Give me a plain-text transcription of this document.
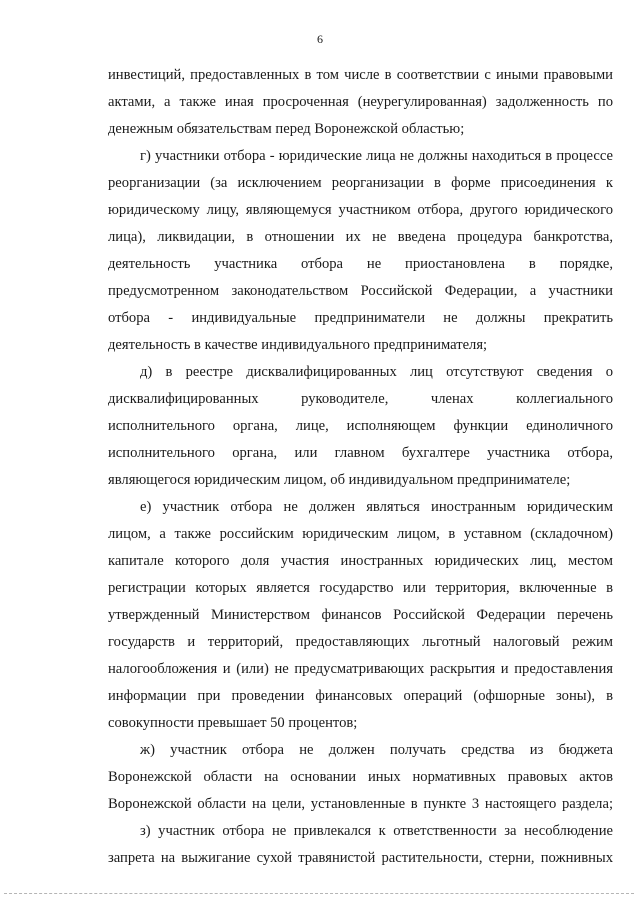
6
инвестиций, предоставленных в том числе в соответствии с иными правовыми
актами, а также иная просроченная (неурегулированная) задолженность по
денежным обязательствам перед Воронежской областью;
г) участники отбора - юридические лица не должны находиться в процессе
реорганизации (за исключением реорганизации в форме присоединения к
юридическому лицу, являющемуся участником отбора, другого юридического
лица), ликвидации, в отношении их не введена процедура банкротства,
деятельность участника отбора не приостановлена в порядке,
предусмотренном законодательством Российской Федерации, а участники
отбора - индивидуальные предприниматели не должны прекратить
деятельность в качестве индивидуального предпринимателя;
д) в реестре дисквалифицированных лиц отсутствуют сведения о
дисквалифицированных руководителе, членах коллегиального
исполнительного органа, лице, исполняющем функции единоличного
исполнительного органа, или главном бухгалтере участника отбора,
являющегося юридическим лицом, об индивидуальном предпринимателе;
е) участник отбора не должен являться иностранным юридическим
лицом, а также российским юридическим лицом, в уставном (складочном)
капитале которого доля участия иностранных юридических лиц, местом
регистрации которых является государство или территория, включенные в
утвержденный Министерством финансов Российской Федерации перечень
государств и территорий, предоставляющих льготный налоговый режим
налогообложения и (или) не предусматривающих раскрытия и предоставления
информации при проведении финансовых операций (офшорные зоны), в
совокупности превышает 50 процентов;
ж) участник отбора не должен получать средства из бюджета
Воронежской области на основании иных нормативных правовых актов
Воронежской области на цели, установленные в пункте 3 настоящего раздела;
з) участник отбора не привлекался к ответственности за несоблюдение
запрета на выжигание сухой травянистой растительности, стерни, пожнивных
